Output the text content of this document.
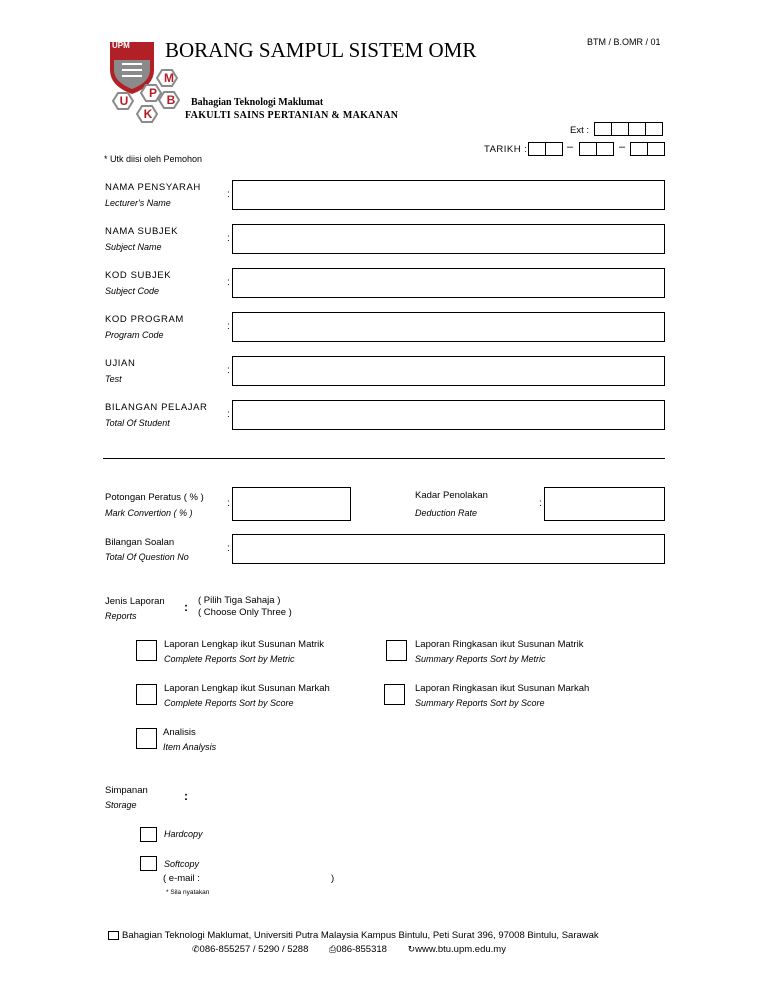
UPM
M
P B
U
K
BORANG SAMPUL SISTEM OMR	BTM / B.OMR / 01
Bahagian Teknologi Maklumat
FAKULTI SAINS PERTANIAN & MAKANAN
Ext :
TARIKH :	–	–
* Utk diisi oleh Pemohon
NAMA PENSYARAH
Lecturer's Name
:
NAMA SUBJEK
Subject Name
:
KOD SUBJEK
Subject Code
:
KOD PROGRAM
Program Code
:
UJIAN
Test
:
BILANGAN PELAJAR
Total Of Student
:
Potongan Peratus ( % )
Mark Convertion ( % )
:
Kadar Penolakan
Deduction Rate
:
Bilangan Soalan
Total Of Question No
:
Jenis Laporan
Reports
: ( Pilih Tiga Sahaja )
( Choose Only Three )
Laporan Lengkap ikut Susunan Matrik
Complete Reports Sort by Metric
Laporan Ringkasan ikut Susunan Matrik
Summary Reports Sort by Metric
Laporan Lengkap ikut Susunan Markah
Complete Reports Sort by Score
Laporan Ringkasan ikut Susunan Markah
Summary Reports Sort by Score
Analisis
Item Analysis
Simpanan
Storage
:
Hardcopy
Softcopy
( e-mail :	)
* Sila nyatakan
Bahagian Teknologi Maklumat, Universiti Putra Malaysia Kampus Bintulu, Peti Surat 396, 97008 Bintulu, Sarawak
✆086-855257 / 5290 / 5288 ⎙086-855318 ↻www.btu.upm.edu.my
